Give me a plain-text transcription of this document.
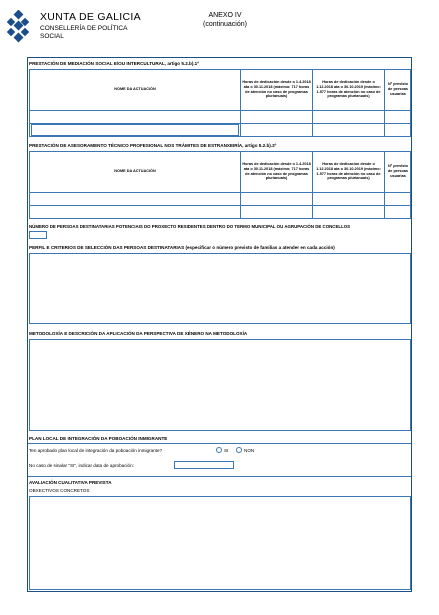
XUNTA DE GALICIA
CONSELLERÍA DE POLÍTICA
SOCIAL
ANEXO IV
(continuación)
PRESTACIÓN DE MEDIACIÓN SOCIAL E/OU INTERCULTURAL, artigo 5.2.b).1º
NOME DA ACTUACIÓN
Horas de dedicación desde o 1.4.2018 ata o 30.11.2018 (máximo: 717 horas de atención no caso de programas plurianuais)
Horas de dedicación desde o 1.12.2018 ata o 30.10.2019 (máximo: 1.577 horas de atención no caso de programas plurianuais)
Nº previsto de persoas usuarias
PRESTACIÓN DE ASESORAMENTO TÉCNICO PROFESIONAL NOS TRÁMITES DE ESTRANXEIRÍA, artigo 5.2.b).2º
NOME DA ACTUACIÓN
Horas de dedicación desde o 1.4.2018 ata o 30.11.2018 (máximo: 717 horas de atención no caso de programas plurianuais)
Horas de dedicación desde o 1.12.2018 ata o 30.10.2019 (máximo: 1.577 horas de atención no caso de programas plurianuais)
Nº previsto de persoas usuarias
NÚMERO DE PERSOAS DESTINATARIAS POTENCIAIS DO PROXECTO RESIDENTES DENTRO DO TERMO MUNICIPAL OU AGRUPACIÓN DE CONCELLOS
PERFIL E CRITERIOS DE SELECCIÓN DAS PERSOAS DESTINATARIAS (especificar o número previsto de familias a atender en cada acción)
METODOLOXÍA E DESCRICIÓN DA APLICACIÓN DA PERSPECTIVA DE XÉNERO NA METODOLOXÍA
PLAN LOCAL DE INTEGRACIÓN DA POBOACIÓN INMIGRANTE
Ten aprobado plan local de integración da poboación inmigrante?	SI	NON
No caso de sinalar "SI", indicar data de aprobación:
AVALIACIÓN CUALITATIVA PREVISTA
OBXECTIVOS CONCRETOS
